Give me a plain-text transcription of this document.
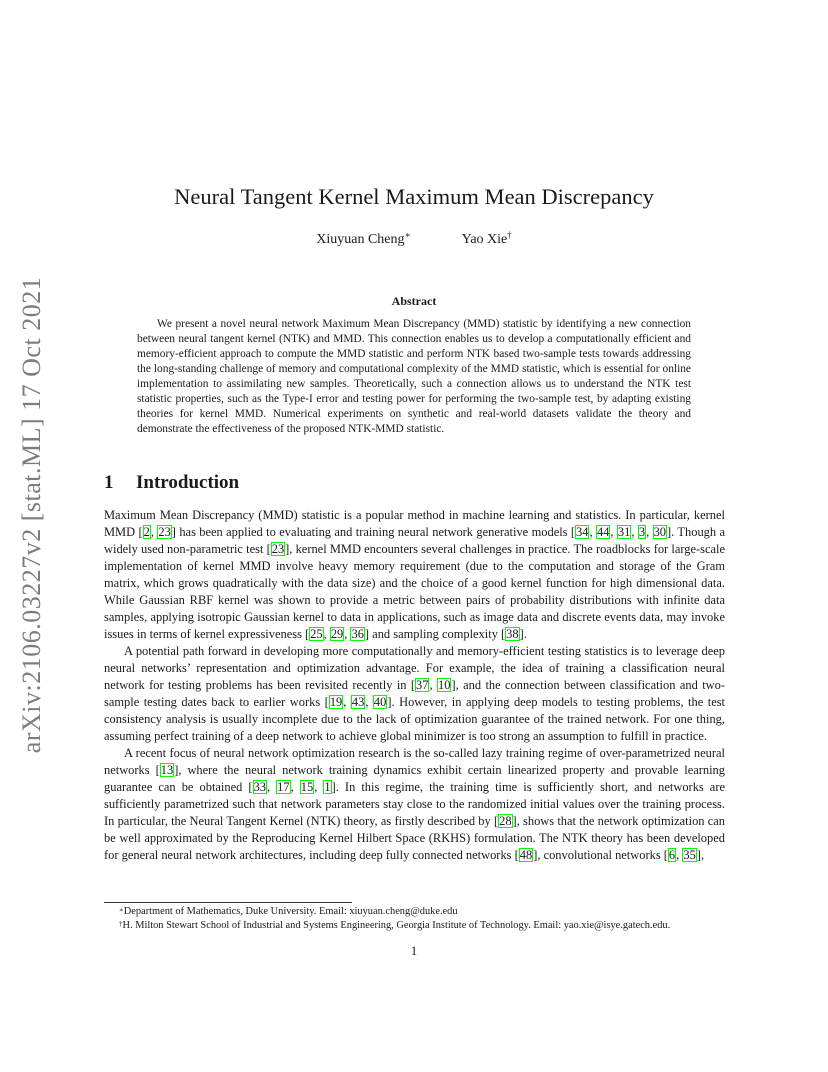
arXiv:2106.03227v2 [stat.ML] 17 Oct 2021
Neural Tangent Kernel Maximum Mean Discrepancy
Xiuyuan Cheng∗	Yao Xie†
Abstract

We present a novel neural network Maximum Mean Discrepancy (MMD) statistic by identifying a new connection between neural tangent kernel (NTK) and MMD. This connection enables us to develop a computationally efficient and memory-efficient approach to compute the MMD statistic and perform NTK based two-sample tests towards addressing the long-standing challenge of memory and computational complexity of the MMD statistic, which is essential for online implementation to assimilating new samples. Theoretically, such a connection allows us to understand the NTK test statistic properties, such as the Type-I error and testing power for performing the two-sample test, by adapting existing theories for kernel MMD. Numerical experiments on synthetic and real-world datasets validate the theory and demonstrate the effectiveness of the proposed NTK-MMD statistic.

1 Introduction

Maximum Mean Discrepancy (MMD) statistic is a popular method in machine learning and statistics. In particular, kernel MMD [2, 23] has been applied to evaluating and training neural network generative models [34, 44, 31, 3, 30]. Though a widely used non-parametric test [23], kernel MMD encounters several challenges in practice. The roadblocks for large-scale implementation of kernel MMD involve heavy memory requirement (due to the computation and storage of the Gram matrix, which grows quadratically with the data size) and the choice of a good kernel function for high dimensional data. While Gaussian RBF kernel was shown to provide a metric between pairs of probability distributions with infinite data samples, applying isotropic Gaussian kernel to data in applications, such as image data and discrete events data, may invoke issues in terms of kernel expressiveness [25, 29, 36] and sampling complexity [38].

A potential path forward in developing more computationally and memory-efficient testing statistics is to leverage deep neural networks’ representation and optimization advantage. For example, the idea of training a classification neural network for testing problems has been revisited recently in [37, 10], and the connection between classification and two-sample testing dates back to earlier works [19, 43, 40]. However, in applying deep models to testing problems, the test consistency analysis is usually incomplete due to the lack of optimization guarantee of the trained network. For one thing, assuming perfect training of a deep network to achieve global minimizer is too strong an assumption to fulfill in practice.

A recent focus of neural network optimization research is the so-called lazy training regime of over-parametrized neural networks [13], where the neural network training dynamics exhibit certain linearized property and provable learning guarantee can be obtained [33, 17, 15, 1]. In this regime, the training time is sufficiently short, and networks are sufficiently parametrized such that network parameters stay close to the randomized initial values over the training process. In particular, the Neural Tangent Kernel (NTK) theory, as firstly described by [28], shows that the network optimization can be well approximated by the Reproducing Kernel Hilbert Space (RKHS) formulation. The NTK theory has been developed for general neural network architectures, including deep fully connected networks [48], convolutional networks [6, 35],

∗Department of Mathematics, Duke University. Email: xiuyuan.cheng@duke.edu

†H. Milton Stewart School of Industrial and Systems Engineering, Georgia Institute of Technology. Email: yao.xie@isye.gatech.edu.

1
